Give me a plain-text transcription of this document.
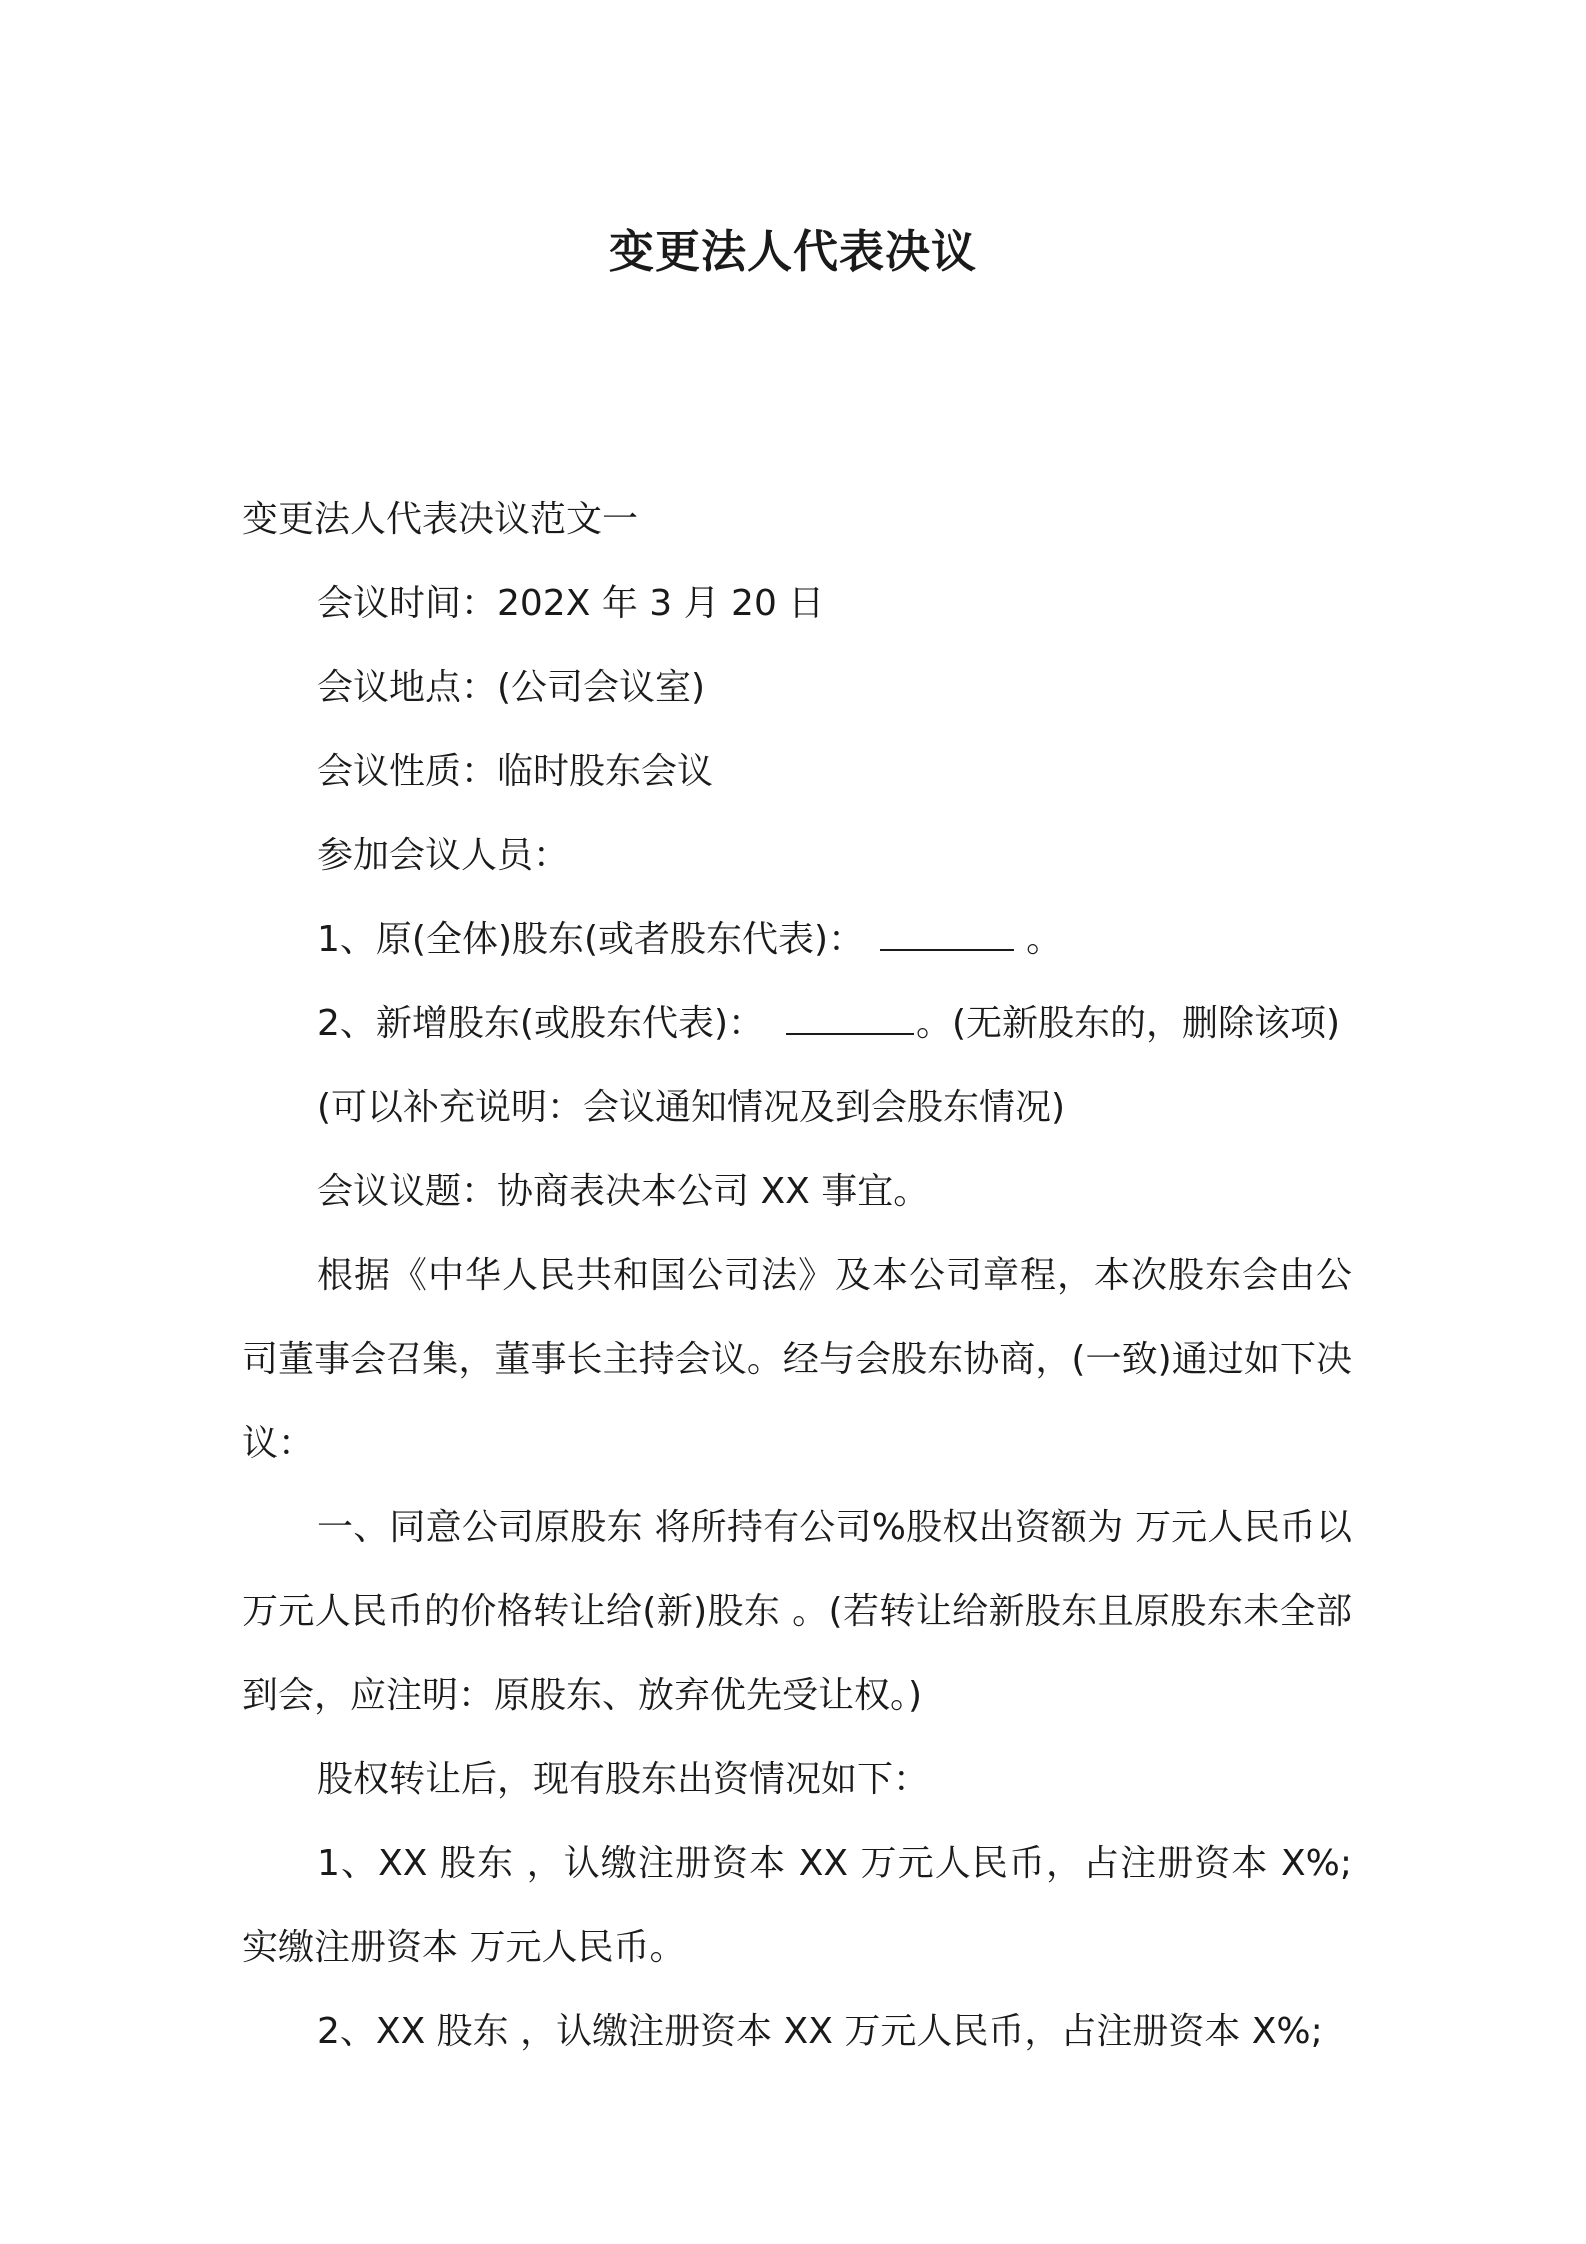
变更法人代表决议
变更法人代表决议范文一
会议时间：202X 年 3 月 20 日
会议地点：(公司会议室)
会议性质：临时股东会议
参加会议人员：
1、原(全体)股东(或者股东代表)：	。
2、新增股东(或股东代表)：	。(无新股东的，删除该项)
(可以补充说明：会议通知情况及到会股东情况)
会议议题：协商表决本公司 XX 事宜。
根据《中华人民共和国公司法》及本公司章程，本次股东会由公司董事会召集，董事长主持会议。经与会股东协商，(一致)通过如下决议：
一、同意公司原股东 将所持有公司%股权出资额为 万元人民币以 万元人民币的价格转让给(新)股东 。(若转让给新股东且原股东未全部到会，应注明：原股东、放弃优先受让权。)
股权转让后，现有股东出资情况如下：
1、XX 股东 ，认缴注册资本 XX 万元人民币，占注册资本 X%;实缴注册资本 万元人民币。
2、XX 股东 ，认缴注册资本 XX 万元人民币，占注册资本 X%;
